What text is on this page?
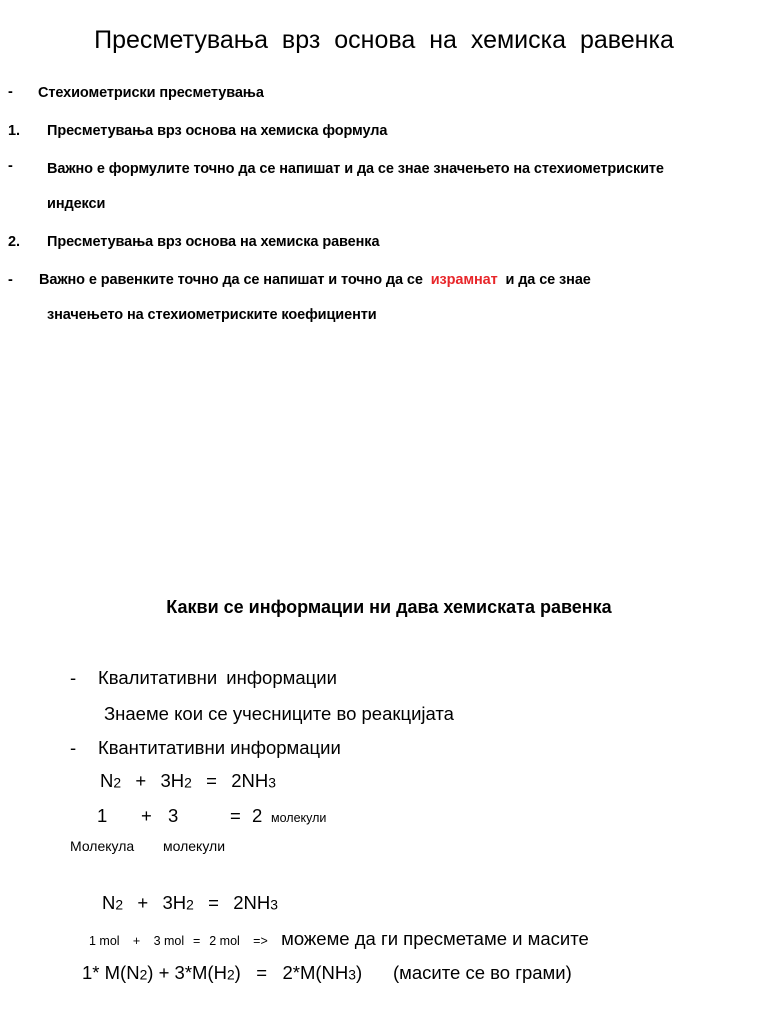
Пресметувања врз основа на хемиска равенка
- Стехиометриски пресметувања
1. Пресметувања врз основа на хемиска формула
- Важно е формулите точно да се напишат и да се знае значењето на стехиометриските
индекси
2. Пресметувања врз основа на хемиска равенка
- Важно е равенките точно да се напишат и точно да се израмнат и да се знае
значењето на стехиометриските коефициенти
Какви се информации ни дава хемиската равенка
- Квалитативни информации
Знаеме кои се учесниците во реакцијата
- Квантитативни информации
N2 + 3H2 = 2NH3
1 + 3	= 2 молекули
Молекула молекули
N2 + 3H2 = 2NH3
1 mol + 3 mol = 2 mol => можеме да ги пресметаме и масите
1* M(N2) + 3*M(H2) = 2*M(NH3) (масите се во грами)
